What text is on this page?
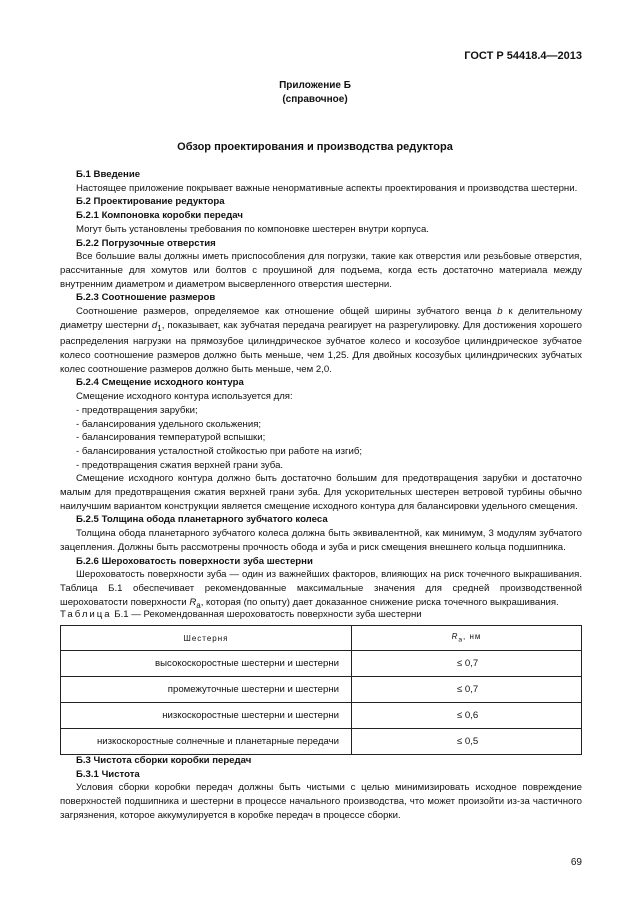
ГОСТ Р 54418.4—2013
Приложение Б
(справочное)
Обзор проектирования и производства редуктора
Б.1 Введение
Настоящее приложение покрывает важные ненормативные аспекты проектирования и производства шестерни.
Б.2 Проектирование редуктора
Б.2.1 Компоновка коробки передач
Могут быть установлены требования по компоновке шестерен внутри корпуса.
Б.2.2 Погрузочные отверстия
Все большие валы должны иметь приспособления для погрузки, такие как отверстия или резьбовые отверстия, рассчитанные для хомутов или болтов с проушиной для подъема, когда есть достаточно материала между внутренним диаметром и диаметром высверленного отверстия шестерни.
Б.2.3 Соотношение размеров
Соотношение размеров, определяемое как отношение общей ширины зубчатого венца b к делительному диаметру шестерни $d_1$, показывает, как зубчатая передача реагирует на разрегулировку. Для достижения хорошего распределения нагрузки на прямозубое цилиндрическое зубчатое колесо и косозубое цилиндрическое зубчатое колесо соотношение размеров должно быть меньше, чем 1,25. Для двойных косозубых цилиндрических зубчатых колес соотношение размеров должно быть меньше, чем 2,0.
Б.2.4 Смещение исходного контура
Смещение исходного контура используется для:
- предотвращения зарубки;
- балансирования удельного скольжения;
- балансирования температурой вспышки;
- балансирования усталостной стойкостью при работе на изгиб;
- предотвращения сжатия верхней грани зуба.
Смещение исходного контура должно быть достаточно большим для предотвращения зарубки и достаточно малым для предотвращения сжатия верхней грани зуба. Для ускорительных шестерен ветровой турбины обычно наилучшим вариантом конструкции является смещение исходного контура для балансировки удельного смещения.
Б.2.5 Толщина обода планетарного зубчатого колеса
Толщина обода планетарного зубчатого колеса должна быть эквивалентной, как минимум, 3 модулям зубчатого зацепления. Должны быть рассмотрены прочность обода и зуба и риск смещения внешнего кольца подшипника.
Б.2.6 Шероховатость поверхности зуба шестерни
Шероховатость поверхности зуба — один из важнейших факторов, влияющих на риск точечного выкрашивания. Таблица Б.1 обеспечивает рекомендованные максимальные значения для средней производственной шероховатости поверхности $R_a$, которая (по опыту) дает доказанное снижение риска точечного выкрашивания.
Таблица Б.1 — Рекомендованная шероховатость поверхности зуба шестерни
Шестерня	$R_a$, нм
высокоскоростные шестерни и шестерни	≤ 0,7
промежуточные шестерни и шестерни	≤ 0,7
низкоскоростные шестерни и шестерни	≤ 0,6
низкоскоростные солнечные и планетарные передачи	≤ 0,5
Б.3 Чистота сборки коробки передач
Б.3.1 Чистота
Условия сборки коробки передач должны быть чистыми с целью минимизировать исходное повреждение поверхностей подшипника и шестерни в процессе начального производства, что может произойти из-за частичного загрязнения, которое аккумулируется в коробке передач в процессе сборки.
69
